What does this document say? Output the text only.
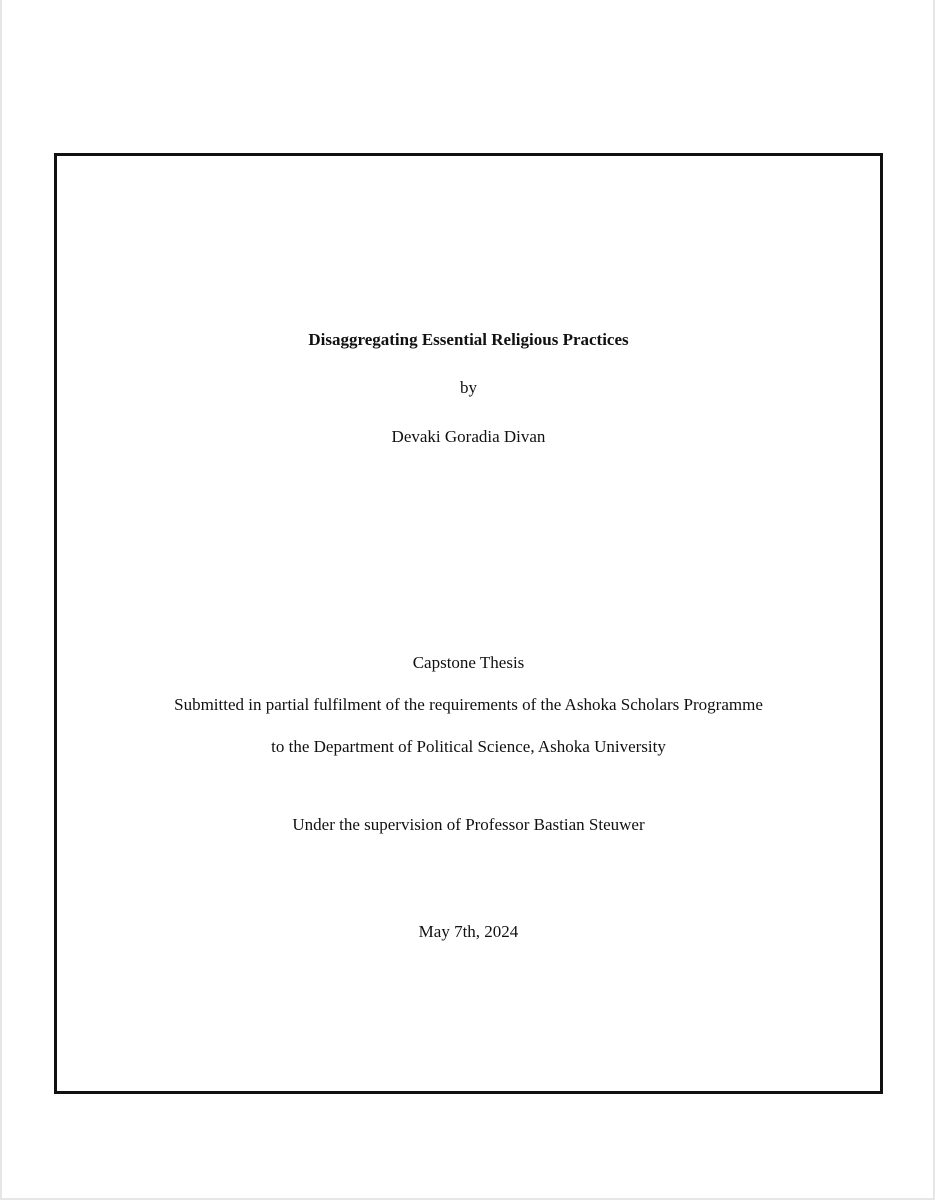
Disaggregating Essential Religious Practices
by
Devaki Goradia Divan
Capstone Thesis
Submitted in partial fulfilment of the requirements of the Ashoka Scholars Programme
to the Department of Political Science, Ashoka University
Under the supervision of Professor Bastian Steuwer
May 7th, 2024
